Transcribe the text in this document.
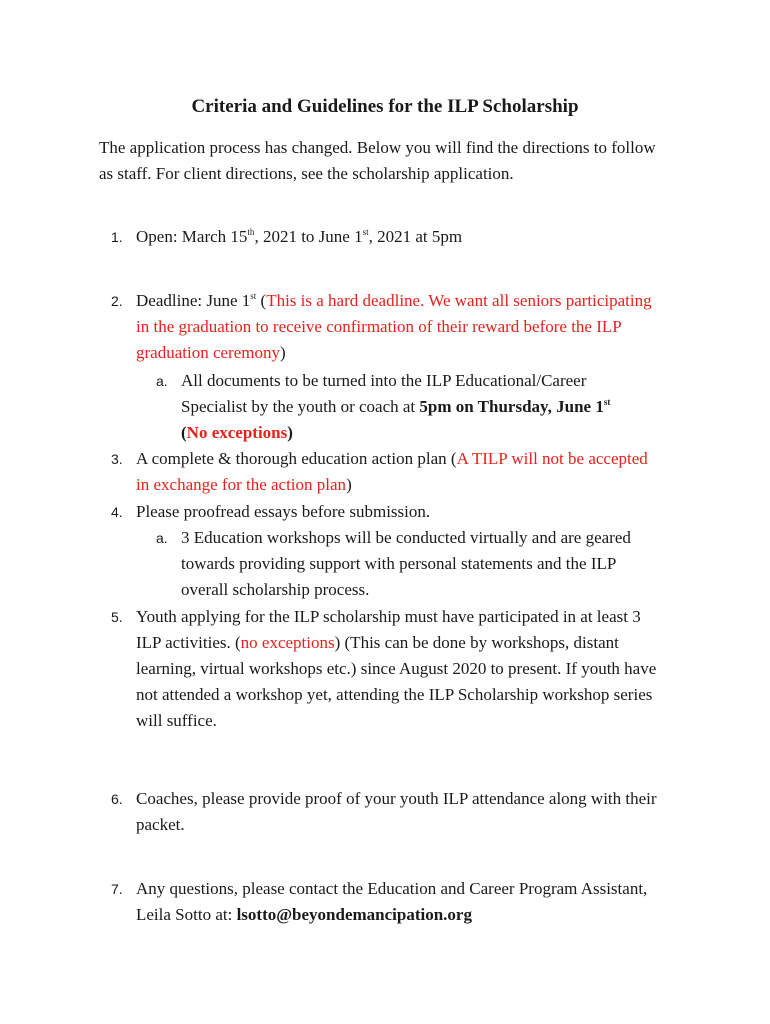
Criteria and Guidelines for the ILP Scholarship
The application process has changed. Below you will find the directions to follow as staff. For client directions, see the scholarship application.
1. Open: March 15th, 2021 to June 1st, 2021 at 5pm
2. Deadline: June 1st (This is a hard deadline. We want all seniors participating in the graduation to receive confirmation of their reward before the ILP graduation ceremony)
a. All documents to be turned into the ILP Educational/Career Specialist by the youth or coach at 5pm on Thursday, June 1st
(No exceptions)
3. A complete & thorough education action plan (A TILP will not be accepted in exchange for the action plan)
4. Please proofread essays before submission.
a. 3 Education workshops will be conducted virtually and are geared towards providing support with personal statements and the ILP overall scholarship process.
5. Youth applying for the ILP scholarship must have participated in at least 3 ILP activities. (no exceptions) (This can be done by workshops, distant learning, virtual workshops etc.) since August 2020 to present. If youth have not attended a workshop yet, attending the ILP Scholarship workshop series will suffice.
6. Coaches, please provide proof of your youth ILP attendance along with their packet.
7. Any questions, please contact the Education and Career Program Assistant, Leila Sotto at: lsotto@beyondemancipation.org
